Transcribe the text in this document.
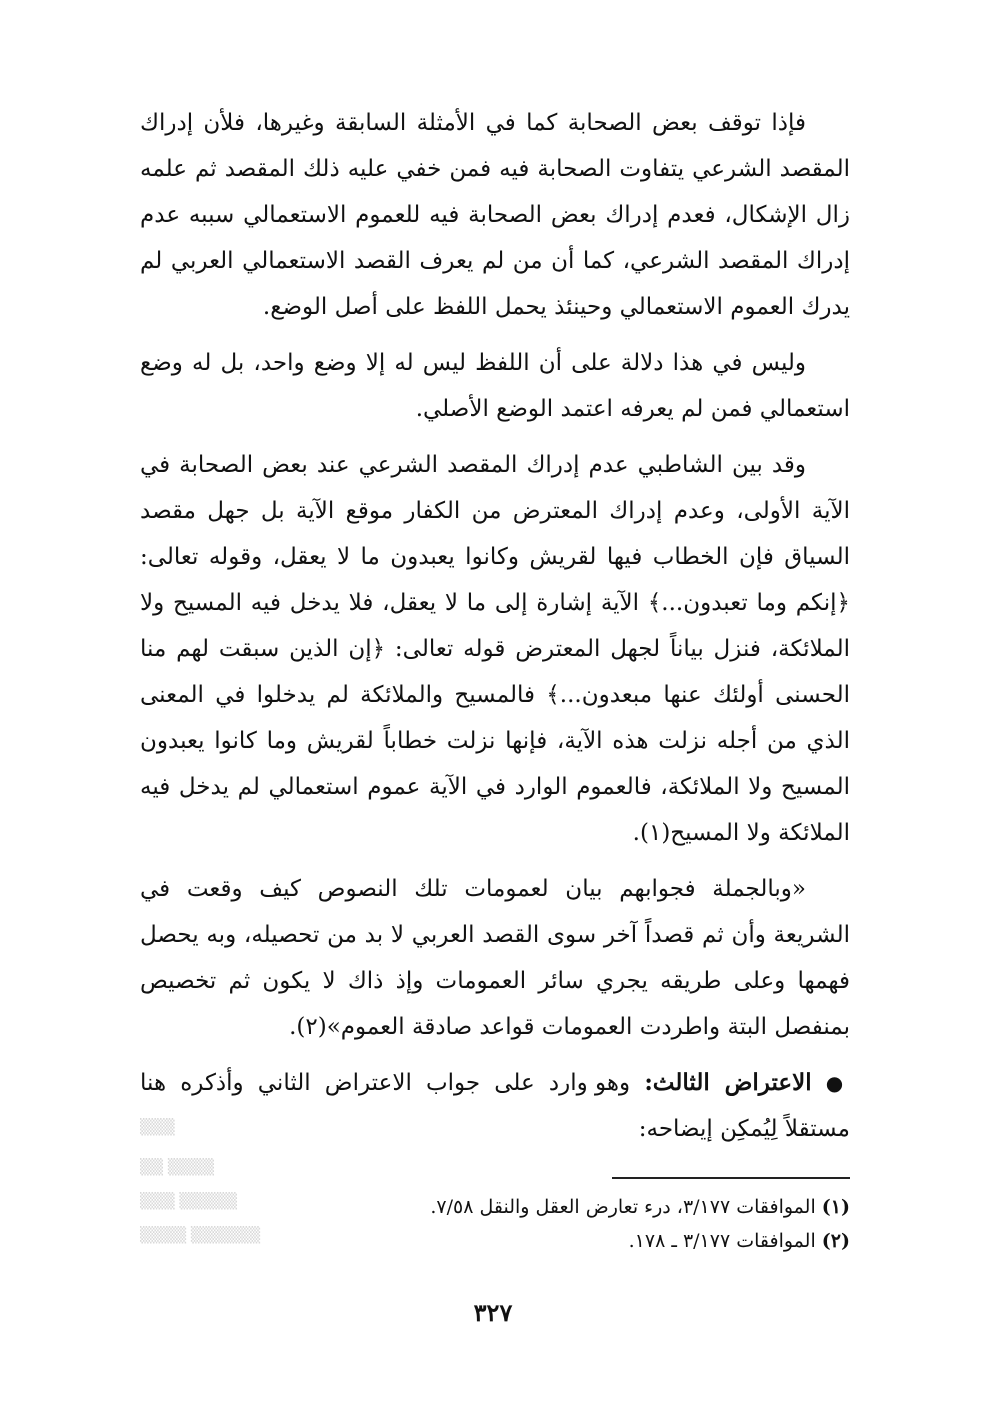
فإذا توقف بعض الصحابة كما في الأمثلة السابقة وغيرها، فلأن إدراك المقصد الشرعي يتفاوت الصحابة فيه فمن خفي عليه ذلك المقصد ثم علمه زال الإشكال، فعدم إدراك بعض الصحابة فيه للعموم الاستعمالي سببه عدم إدراك المقصد الشرعي، كما أن من لم يعرف القصد الاستعمالي العربي لم يدرك العموم الاستعمالي وحينئذ يحمل اللفظ على أصل الوضع.

وليس في هذا دلالة على أن اللفظ ليس له إلا وضع واحد، بل له وضع استعمالي فمن لم يعرفه اعتمد الوضع الأصلي.

وقد بين الشاطبي عدم إدراك المقصد الشرعي عند بعض الصحابة في الآية الأولى، وعدم إدراك المعترض من الكفار موقع الآية بل جهل مقصد السياق فإن الخطاب فيها لقريش وكانوا يعبدون ما لا يعقل، وقوله تعالى: ﴿إنكم وما تعبدون...﴾ الآية إشارة إلى ما لا يعقل، فلا يدخل فيه المسيح ولا الملائكة، فنزل بياناً لجهل المعترض قوله تعالى: ﴿إن الذين سبقت لهم منا الحسنى أولئك عنها مبعدون...﴾ فالمسيح والملائكة لم يدخلوا في المعنى الذي من أجله نزلت هذه الآية، فإنها نزلت خطاباً لقريش وما كانوا يعبدون المسيح ولا الملائكة، فالعموم الوارد في الآية عموم استعمالي لم يدخل فيه الملائكة ولا المسيح(١).

«وبالجملة فجوابهم بيان لعمومات تلك النصوص كيف وقعت في الشريعة وأن ثم قصداً آخر سوى القصد العربي لا بد من تحصيله، وبه يحصل فهمها وعلى طريقه يجري سائر العمومات وإذ ذاك لا يكون ثم تخصيص بمنفصل البتة واطردت العمومات قواعد صادقة العموم»(٢).

● الاعتراض الثالث: وهو وارد على جواب الاعتراض الثاني وأذكره هنا مستقلاً لِيُمكِن إيضاحه:

▒▒▒
▒▒▒▒ ▒▒
▒▒▒▒▒ ▒▒▒
▒▒▒▒▒▒ ▒▒▒▒

(١) الموافقات ٣/١٧٧، درء تعارض العقل والنقل ٧/٥٨.

(٢) الموافقات ٣/١٧٧ ـ ١٧٨.

٣٢٧
